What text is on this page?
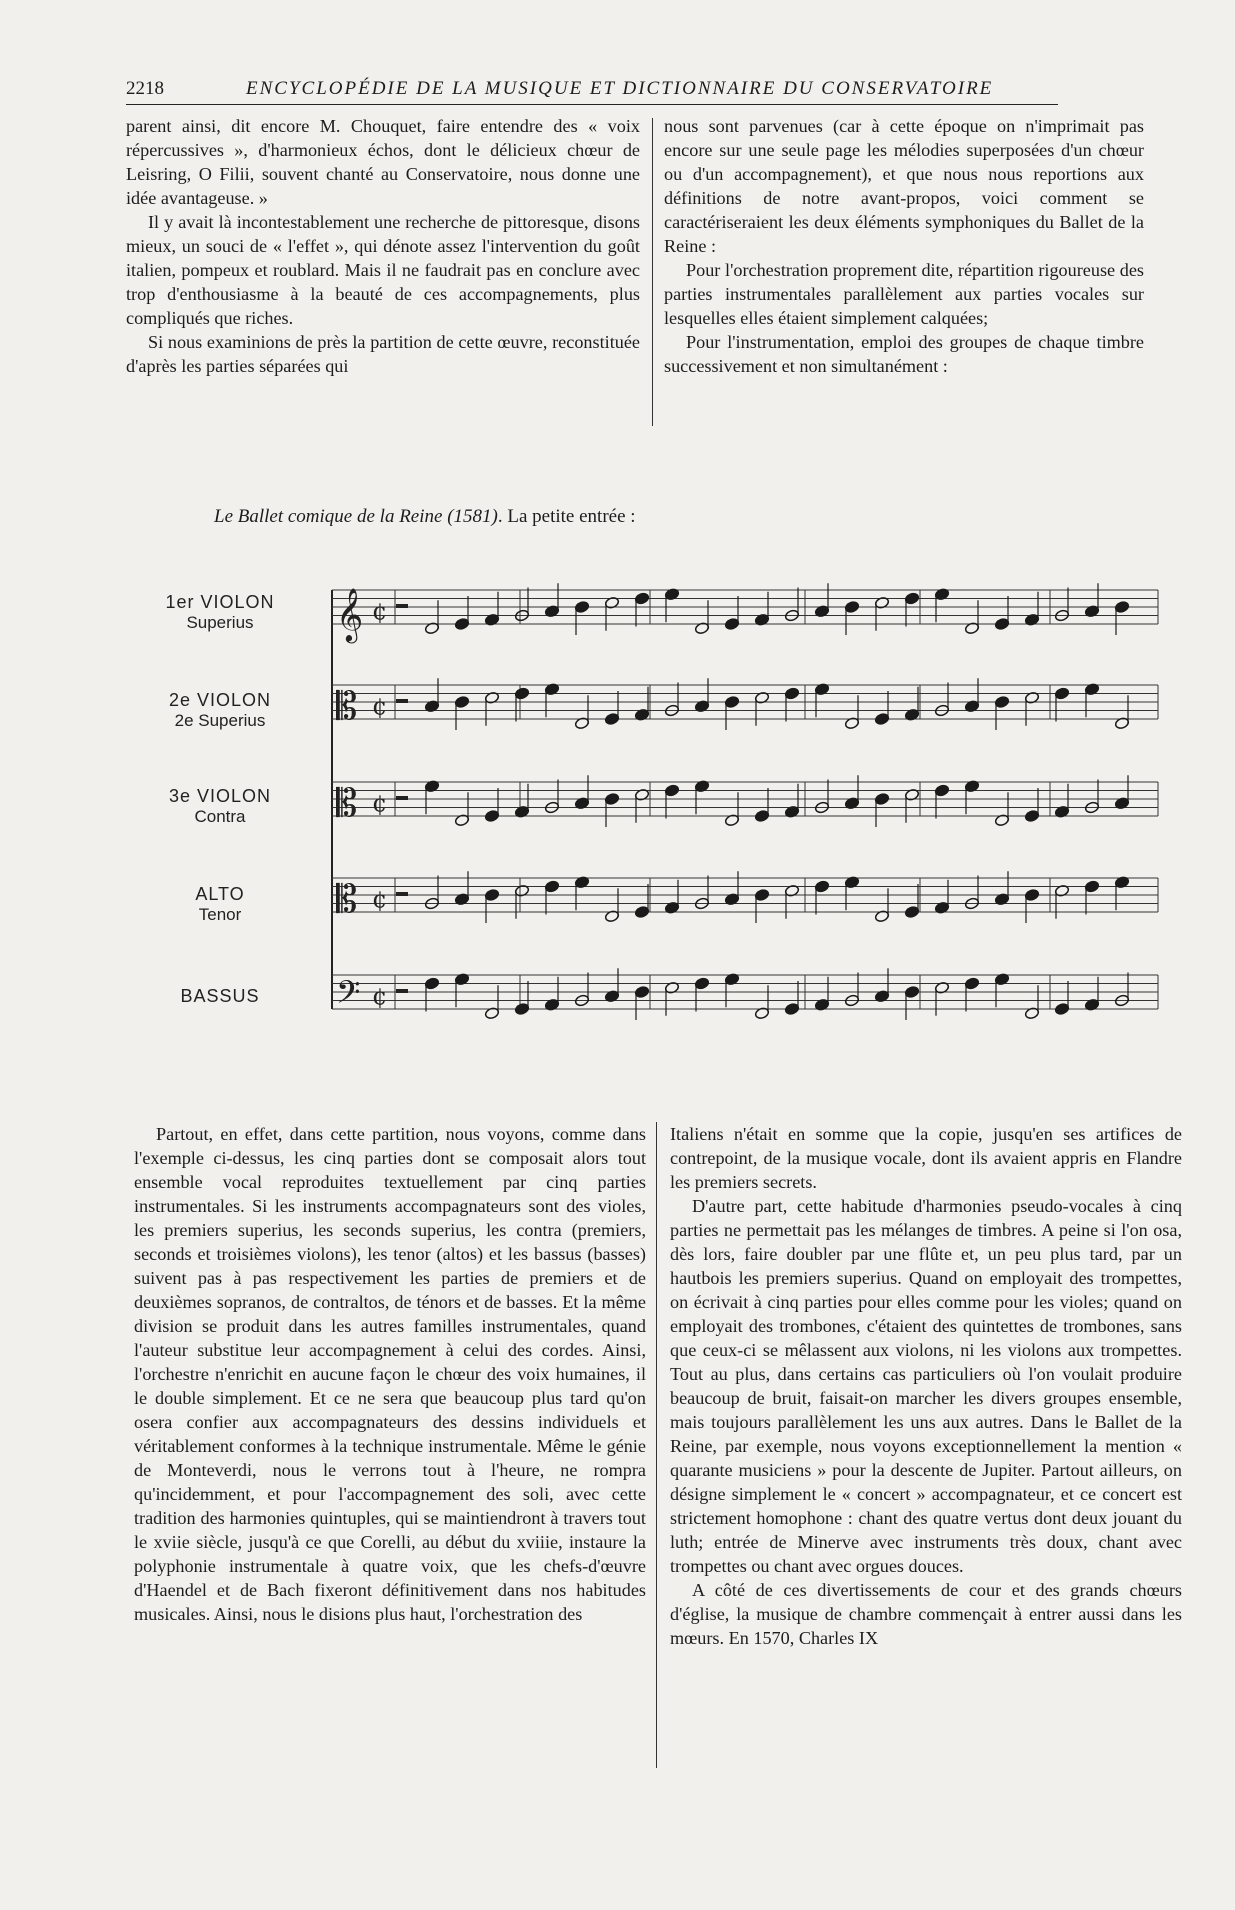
2218	ENCYCLOPÉDIE DE LA MUSIQUE ET DICTIONNAIRE DU CONSERVATOIRE

parent ainsi, dit encore M. Chouquet, faire entendre des « voix répercussives », d'harmonieux échos, dont le délicieux chœur de Leisring, O Filii, souvent chanté au Conservatoire, nous donne une idée avantageuse. »

Il y avait là incontestablement une recherche de pittoresque, disons mieux, un souci de « l'effet », qui dénote assez l'intervention du goût italien, pompeux et roublard. Mais il ne faudrait pas en conclure avec trop d'enthousiasme à la beauté de ces accompagnements, plus compliqués que riches.

Si nous examinions de près la partition de cette œuvre, reconstituée d'après les parties séparées qui

nous sont parvenues (car à cette époque on n'imprimait pas encore sur une seule page les mélodies superposées d'un chœur ou d'un accompagnement), et que nous nous reportions aux définitions de notre avant-propos, voici comment se caractériseraient les deux éléments symphoniques du Ballet de la Reine :

Pour l'orchestration proprement dite, répartition rigoureuse des parties instrumentales parallèlement aux parties vocales sur lesquelles elles étaient simplement calquées;

Pour l'instrumentation, emploi des groupes de chaque timbre successivement et non simultanément :

Le Ballet comique de la Reine (1581). La petite entrée :
1er VIOLON
Superius
2e VIOLON
2e Superius
3e VIOLON
Contra
ALTO
Tenor
BASSUS
𝄞 ¢
𝄡 ¢
𝄡 ¢
𝄡 ¢
𝄢 ¢

Partout, en effet, dans cette partition, nous voyons, comme dans l'exemple ci-dessus, les cinq parties dont se composait alors tout ensemble vocal reproduites textuellement par cinq parties instrumentales. Si les instruments accompagnateurs sont des violes, les premiers superius, les seconds superius, les contra (premiers, seconds et troisièmes violons), les tenor (altos) et les bassus (basses) suivent pas à pas respectivement les parties de premiers et de deuxièmes sopranos, de contraltos, de ténors et de basses. Et la même division se produit dans les autres familles instrumentales, quand l'auteur substitue leur accompagnement à celui des cordes. Ainsi, l'orchestre n'enrichit en aucune façon le chœur des voix humaines, il le double simplement. Et ce ne sera que beaucoup plus tard qu'on osera confier aux accompagnateurs des dessins individuels et véritablement conformes à la technique instrumentale. Même le génie de Monteverdi, nous le verrons tout à l'heure, ne rompra qu'incidemment, et pour l'accompagnement des soli, avec cette tradition des harmonies quintuples, qui se maintiendront à travers tout le xviie siècle, jusqu'à ce que Corelli, au début du xviiie, instaure la polyphonie instrumentale à quatre voix, que les chefs-d'œuvre d'Haendel et de Bach fixeront définitivement dans nos habitudes musicales. Ainsi, nous le disions plus haut, l'orchestration des

Italiens n'était en somme que la copie, jusqu'en ses artifices de contrepoint, de la musique vocale, dont ils avaient appris en Flandre les premiers secrets.

D'autre part, cette habitude d'harmonies pseudo-vocales à cinq parties ne permettait pas les mélanges de timbres. A peine si l'on osa, dès lors, faire doubler par une flûte et, un peu plus tard, par un hautbois les premiers superius. Quand on employait des trompettes, on écrivait à cinq parties pour elles comme pour les violes; quand on employait des trombones, c'étaient des quintettes de trombones, sans que ceux-ci se mêlassent aux violons, ni les violons aux trompettes. Tout au plus, dans certains cas particuliers où l'on voulait produire beaucoup de bruit, faisait-on marcher les divers groupes ensemble, mais toujours parallèlement les uns aux autres. Dans le Ballet de la Reine, par exemple, nous voyons exceptionnellement la mention « quarante musiciens » pour la descente de Jupiter. Partout ailleurs, on désigne simplement le « concert » accompagnateur, et ce concert est strictement homophone : chant des quatre vertus dont deux jouant du luth; entrée de Minerve avec instruments très doux, chant avec trompettes ou chant avec orgues douces.

A côté de ces divertissements de cour et des grands chœurs d'église, la musique de chambre commençait à entrer aussi dans les mœurs. En 1570, Charles IX
